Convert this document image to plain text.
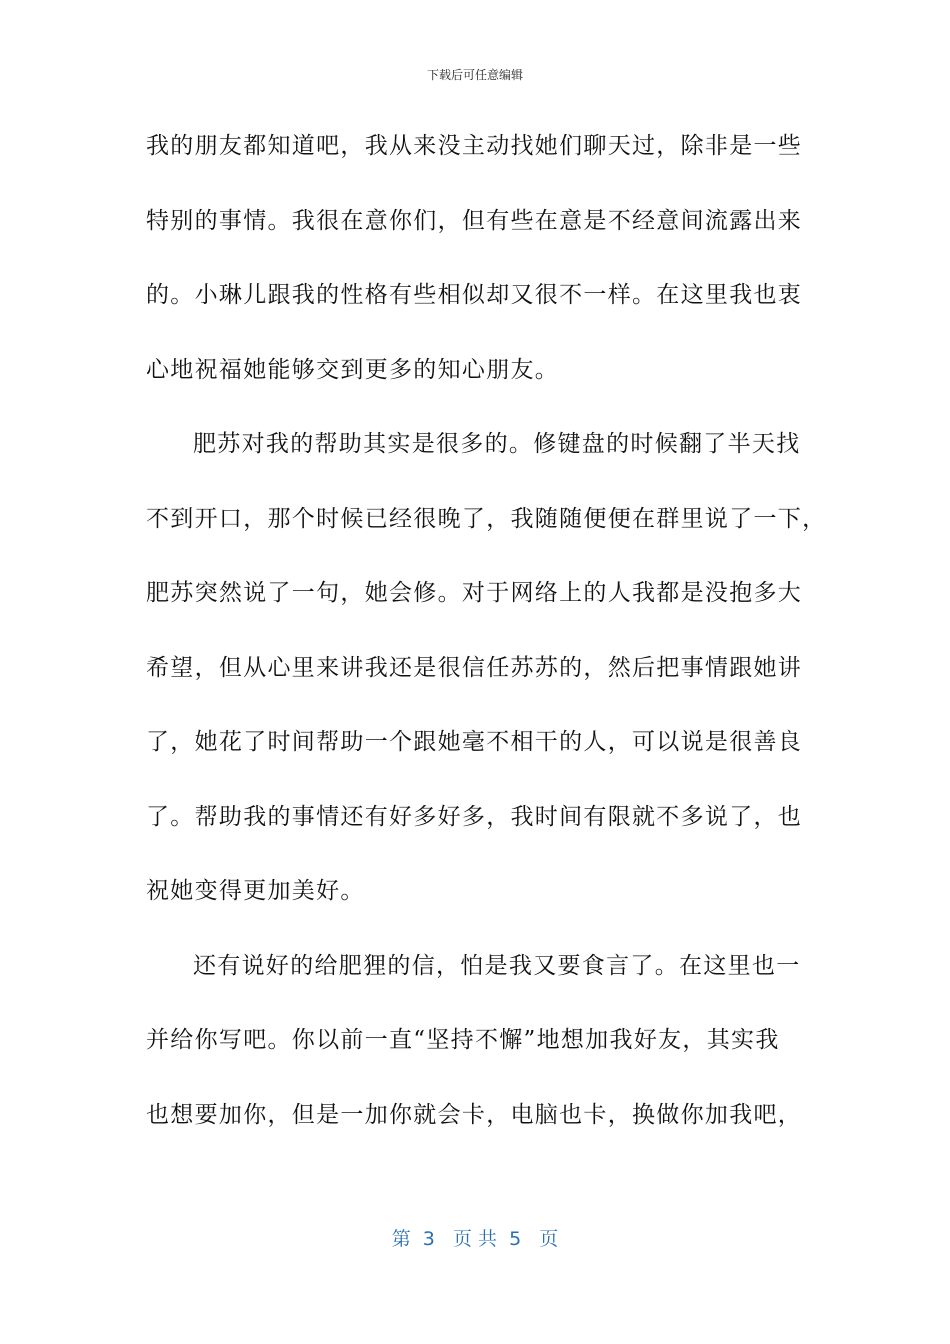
下载后可任意编辑
我的朋友都知道吧，我从来没主动找她们聊天过，除非是一些
特别的事情。我很在意你们，但有些在意是不经意间流露出来
的。小琳儿跟我的性格有些相似却又很不一样。在这里我也衷
心地祝福她能够交到更多的知心朋友。
肥苏对我的帮助其实是很多的。修键盘的时候翻了半天找
不到开口，那个时候已经很晚了，我随随便便在群里说了一下，
肥苏突然说了一句，她会修。对于网络上的人我都是没抱多大
希望，但从心里来讲我还是很信任苏苏的，然后把事情跟她讲
了，她花了时间帮助一个跟她毫不相干的人，可以说是很善良
了。帮助我的事情还有好多好多，我时间有限就不多说了，也
祝她变得更加美好。
还有说好的给肥狸的信，怕是我又要食言了。在这里也一
并给你写吧。你以前一直“坚持不懈”地想加我好友，其实我
也想要加你，但是一加你就会卡，电脑也卡，换做你加我吧，
第  3   页 共  5   页
